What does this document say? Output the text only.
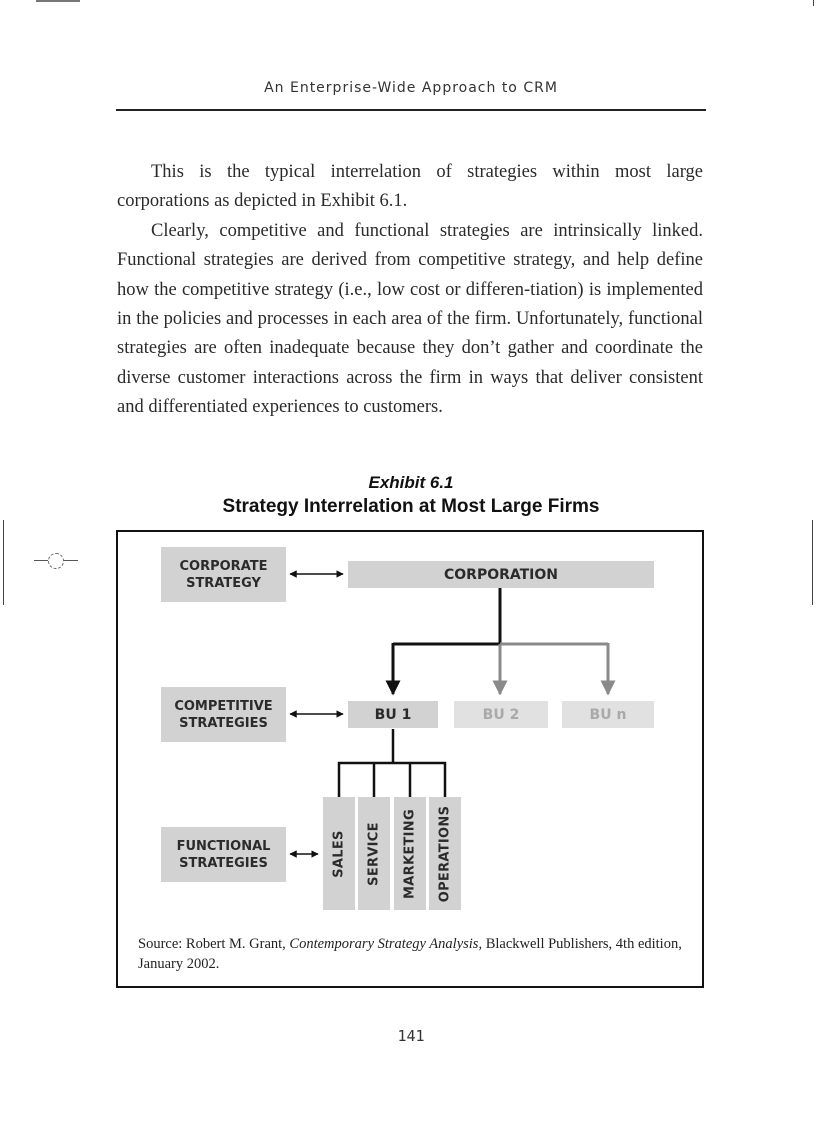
An Enterprise-Wide Approach to CRM

This is the typical interrelation of strategies within most large corporations as depicted in Exhibit 6.1.

Clearly, competitive and functional strategies are intrinsically linked. Functional strategies are derived from competitive strategy, and help define how the competitive strategy (i.e., low cost or differen-tiation) is implemented in the policies and processes in each area of the firm. Unfortunately, functional strategies are often inadequate because they don’t gather and coordinate the diverse customer interactions across the firm in ways that deliver consistent and differentiated experiences to customers.

Exhibit 6.1
Strategy Interrelation at Most Large Firms
CORPORATE STRATEGY
COMPETITIVE STRATEGIES
FUNCTIONAL STRATEGIES
CORPORATION
BU 1	BU 2	BU n
SALES SERVICE MARKETING OPERATIONS
Source: Robert M. Grant, Contemporary Strategy Analysis, Blackwell Publishers, 4th edition, January 2002.
141
